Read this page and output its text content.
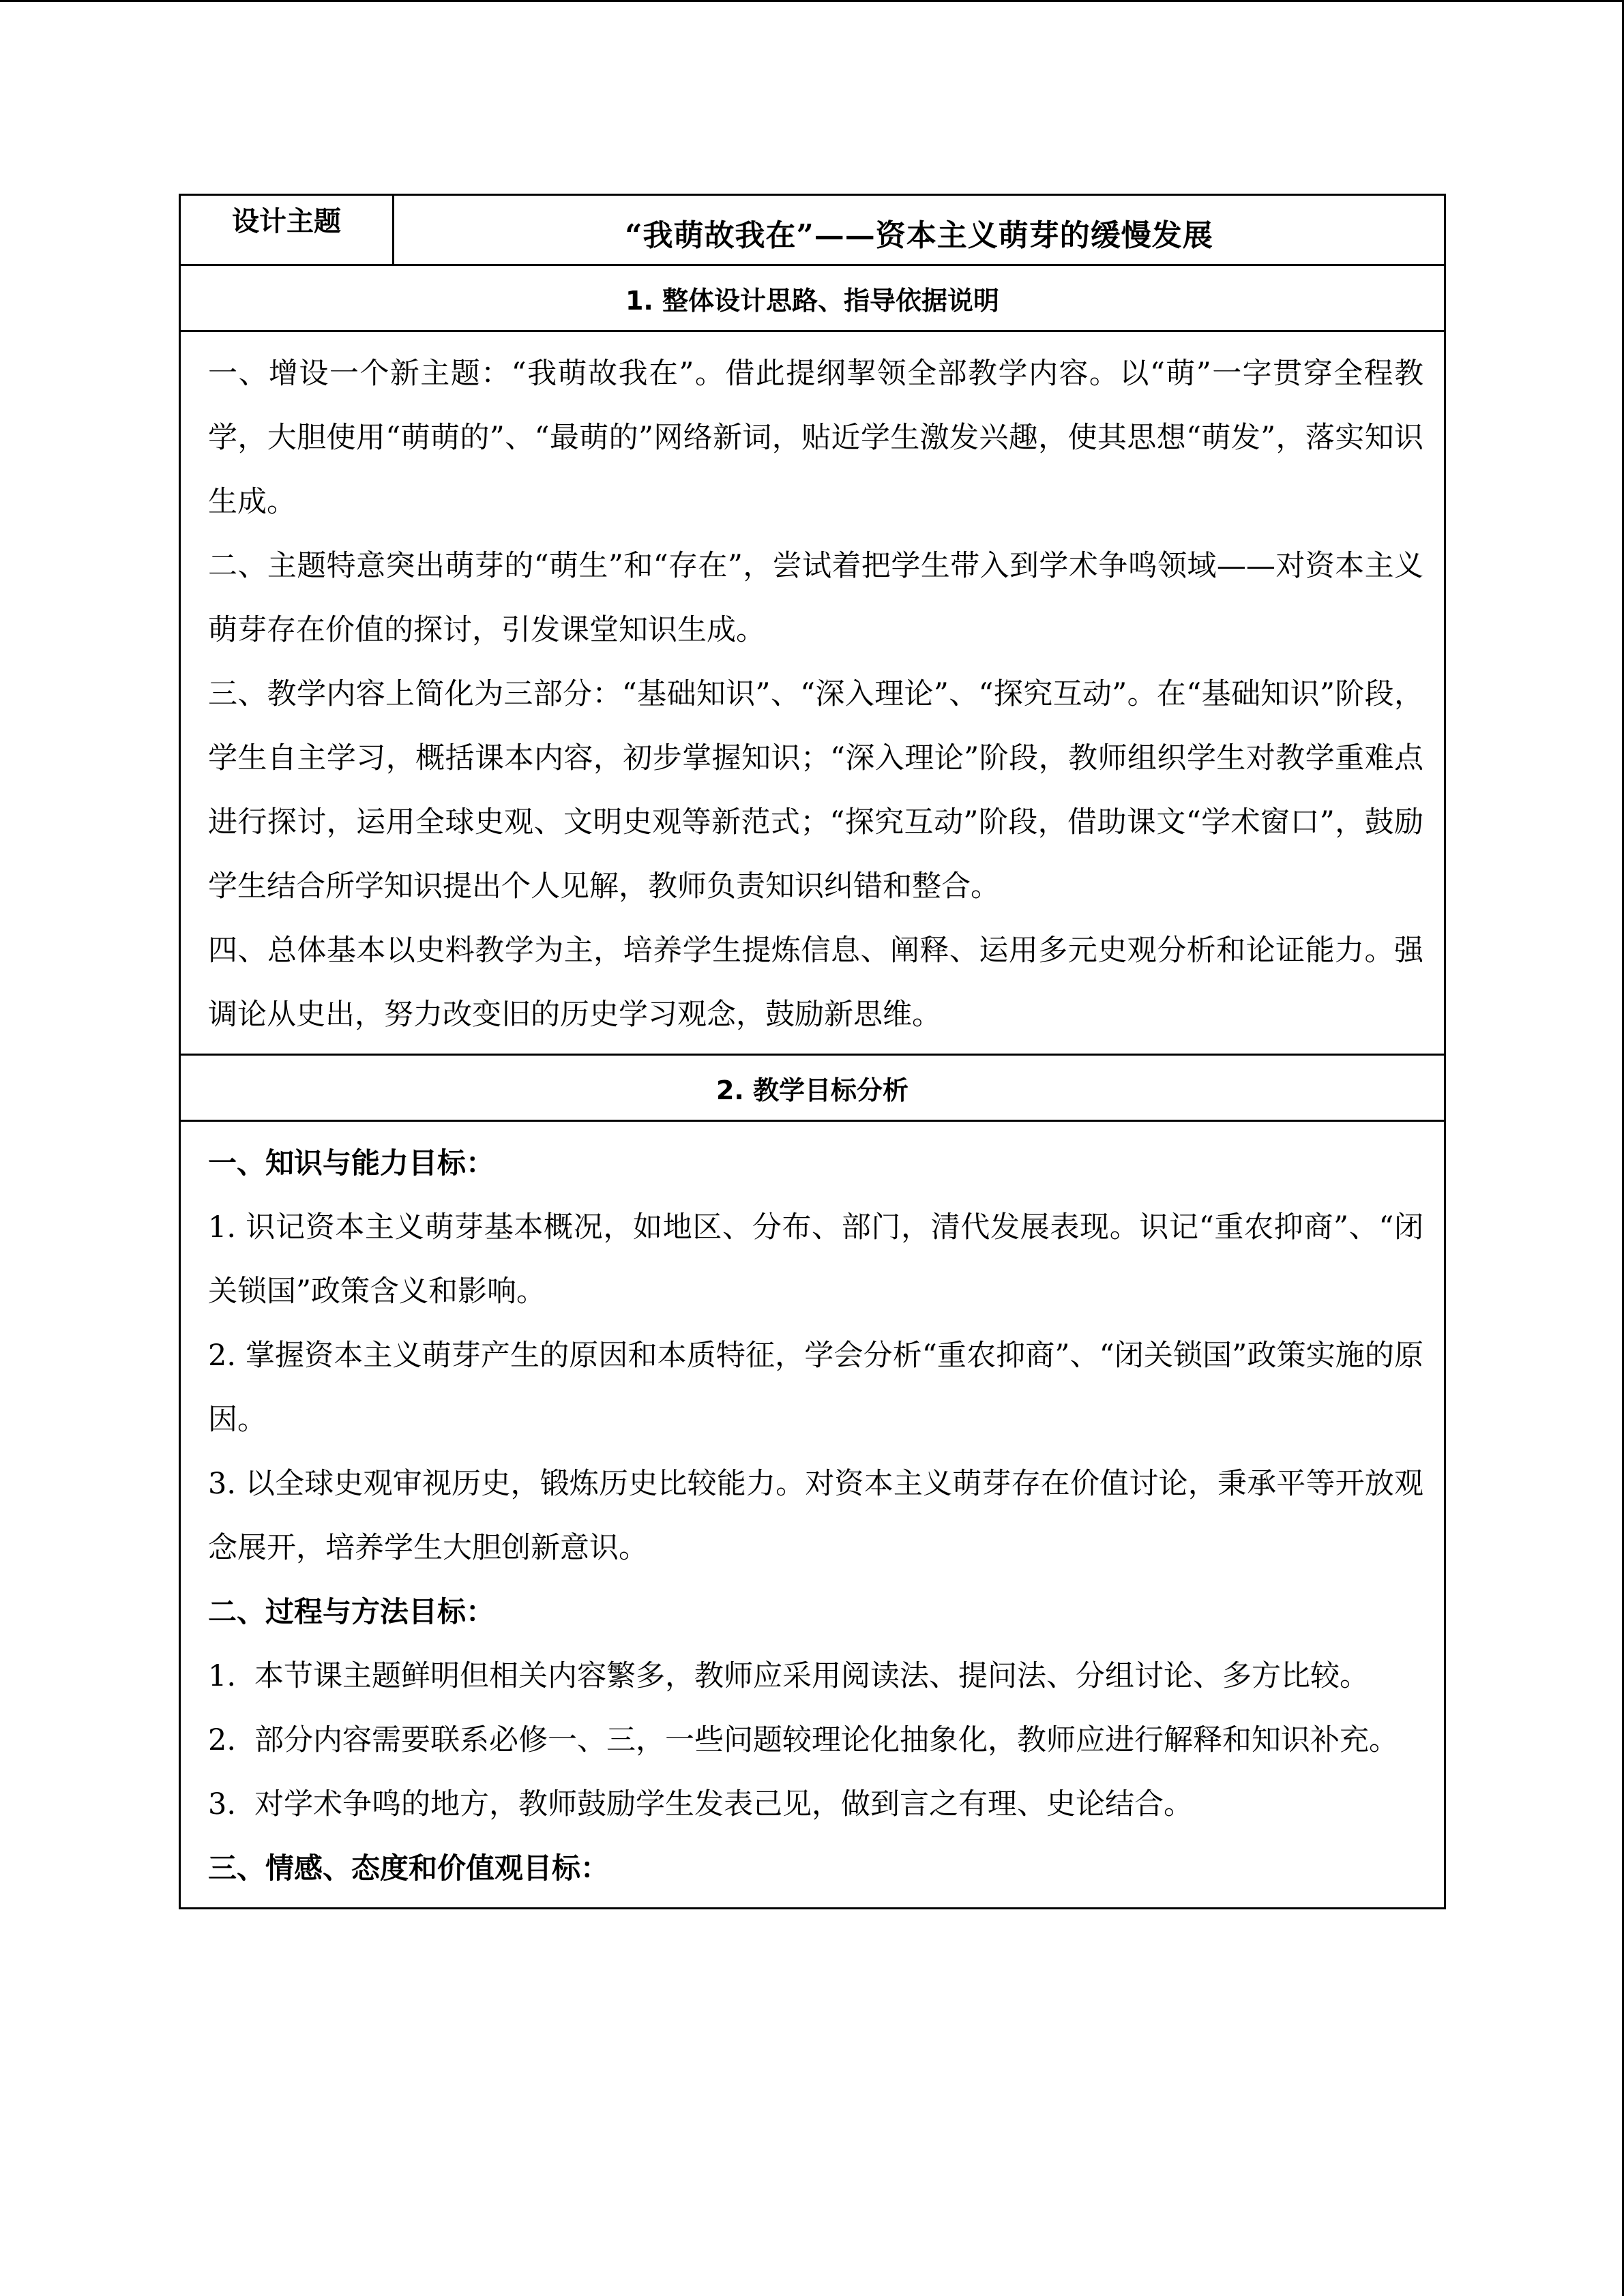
设计主题	“我萌故我在”——资本主义萌芽的缓慢发展
1. 整体设计思路、指导依据说明

一、增设一个新主题：“我萌故我在”。借此提纲挈领全部教学内容。以“萌”一字贯穿全程教学，大胆使用“萌萌的”、“最萌的”网络新词，贴近学生激发兴趣，使其思想“萌发”，落实知识生成。

二、主题特意突出萌芽的“萌生”和“存在”，尝试着把学生带入到学术争鸣领域——对资本主义萌芽存在价值的探讨，引发课堂知识生成。

三、教学内容上简化为三部分：“基础知识”、“深入理论”、“探究互动”。在“基础知识”阶段，学生自主学习，概括课本内容，初步掌握知识；“深入理论”阶段，教师组织学生对教学重难点进行探讨，运用全球史观、文明史观等新范式；“探究互动”阶段，借助课文“学术窗口”，鼓励学生结合所学知识提出个人见解，教师负责知识纠错和整合。

四、总体基本以史料教学为主，培养学生提炼信息、阐释、运用多元史观分析和论证能力。强调论从史出，努力改变旧的历史学习观念，鼓励新思维。

2. 教学目标分析

一、知识与能力目标：

1. 识记资本主义萌芽基本概况，如地区、分布、部门，清代发展表现。识记“重农抑商”、“闭关锁国”政策含义和影响。

2. 掌握资本主义萌芽产生的原因和本质特征，学会分析“重农抑商”、“闭关锁国”政策实施的原因。

3. 以全球史观审视历史，锻炼历史比较能力。对资本主义萌芽存在价值讨论，秉承平等开放观念展开，培养学生大胆创新意识。

二、过程与方法目标：

1. 本节课主题鲜明但相关内容繁多，教师应采用阅读法、提问法、分组讨论、多方比较。

2. 部分内容需要联系必修一、三，一些问题较理论化抽象化，教师应进行解释和知识补充。

3. 对学术争鸣的地方，教师鼓励学生发表己见，做到言之有理、史论结合。

三、情感、态度和价值观目标：
